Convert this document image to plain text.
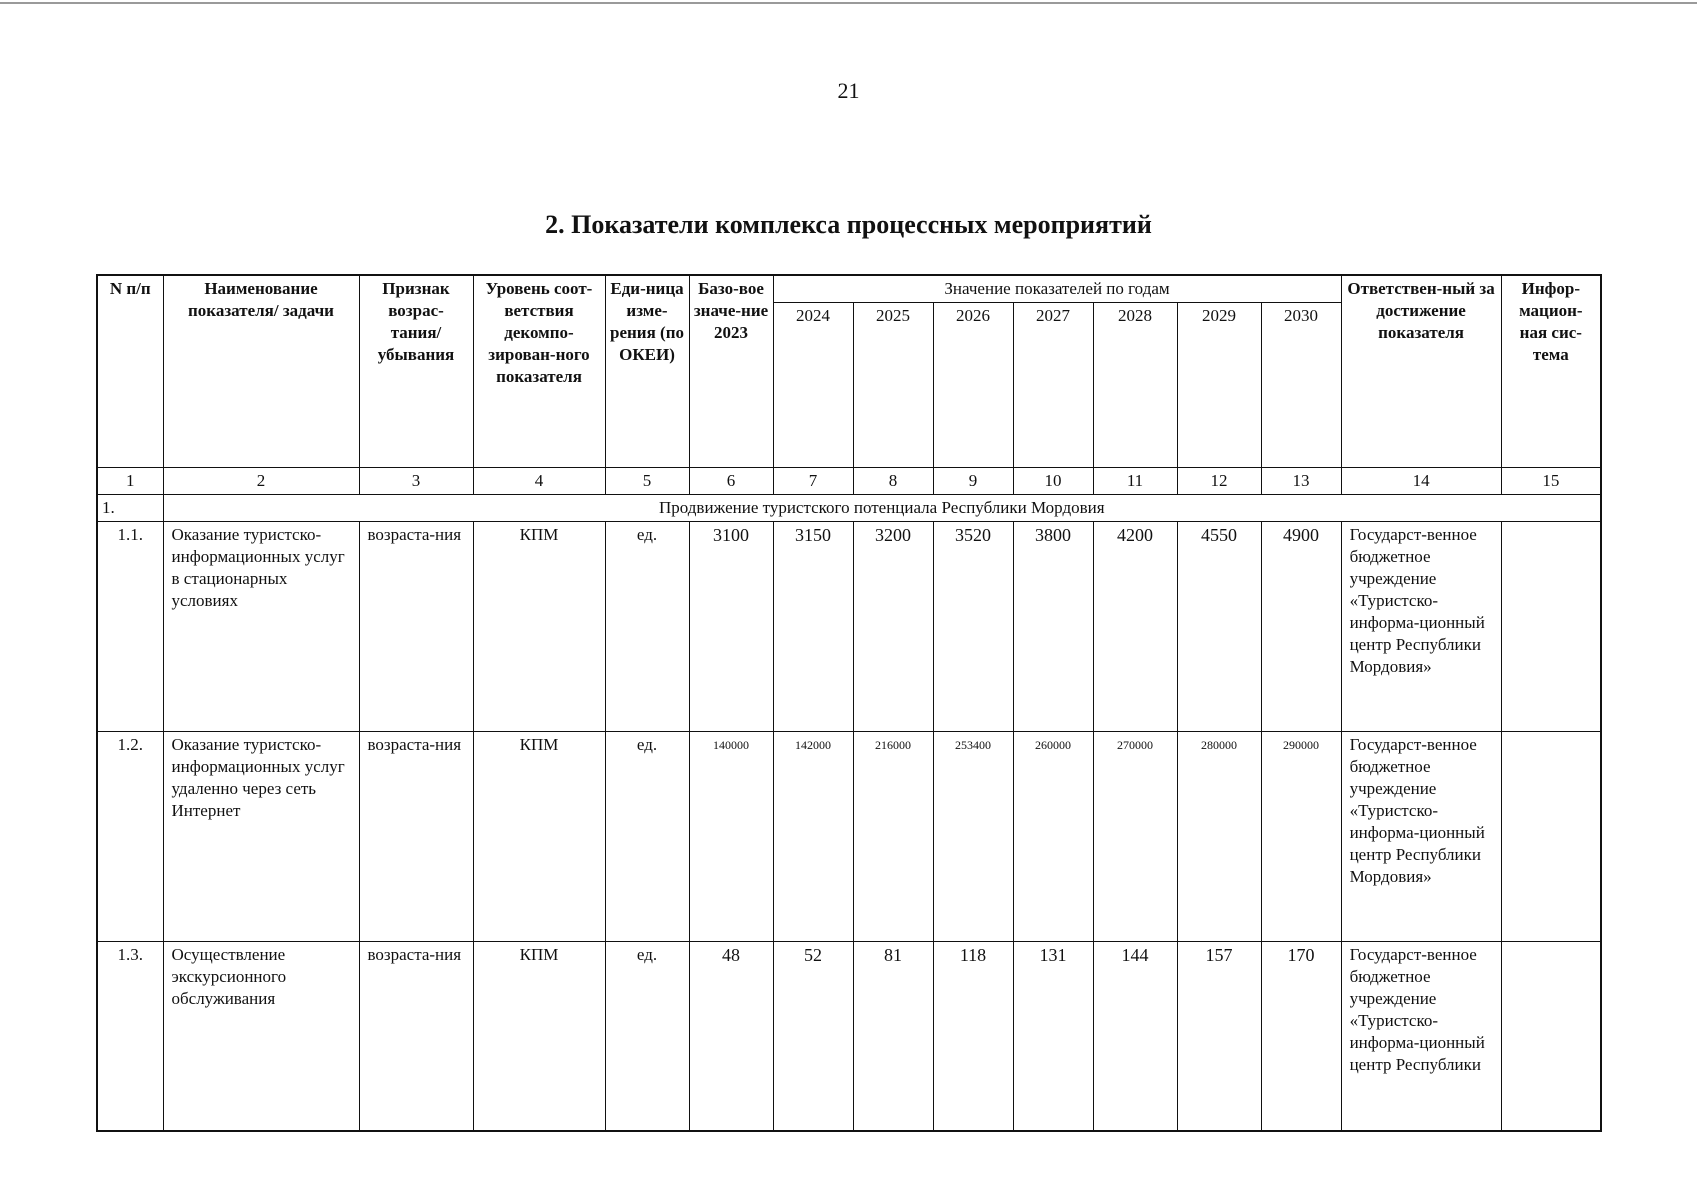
21
2. Показатели комплекса процессных мероприятий
N п/п	Наименование показателя/ задачи	Признак возрас-тания/ убывания	Уровень соот-ветствия декомпо-зирован-ного показателя	Еди-ница изме-рения (по ОКЕИ)	Базо-вое значе-ние 2023	Значение показателей по годам							Ответствен-ный за достижение показателя	Инфор-мацион-ная сис-тема
						2024	2025	2026	2027	2028	2029	2030		
1	2	3	4	5	6	7	8	9	10	11	12	13	14	15
1.	Продвижение туристского потенциала Республики Мордовия													
1.1.	Оказание туристско-информационных услуг в стационарных условиях	возраста-ния	КПМ	ед.	3100	3150	3200	3520	3800	4200	4550	4900	Государст-венное бюджетное учреждение «Туристско-информа-ционный центр Республики Мордовия»	
1.2.	Оказание туристско-информационных услуг удаленно через сеть Интернет	возраста-ния	КПМ	ед.	140000	142000	216000	253400	260000	270000	280000	290000	Государст-венное бюджетное учреждение «Туристско-информа-ционный центр Республики Мордовия»	
1.3.	Осуществление экскурсионного обслуживания	возраста-ния	КПМ	ед.	48	52	81	118	131	144	157	170	Государст-венное бюджетное учреждение «Туристско-информа-ционный центр Республики	
